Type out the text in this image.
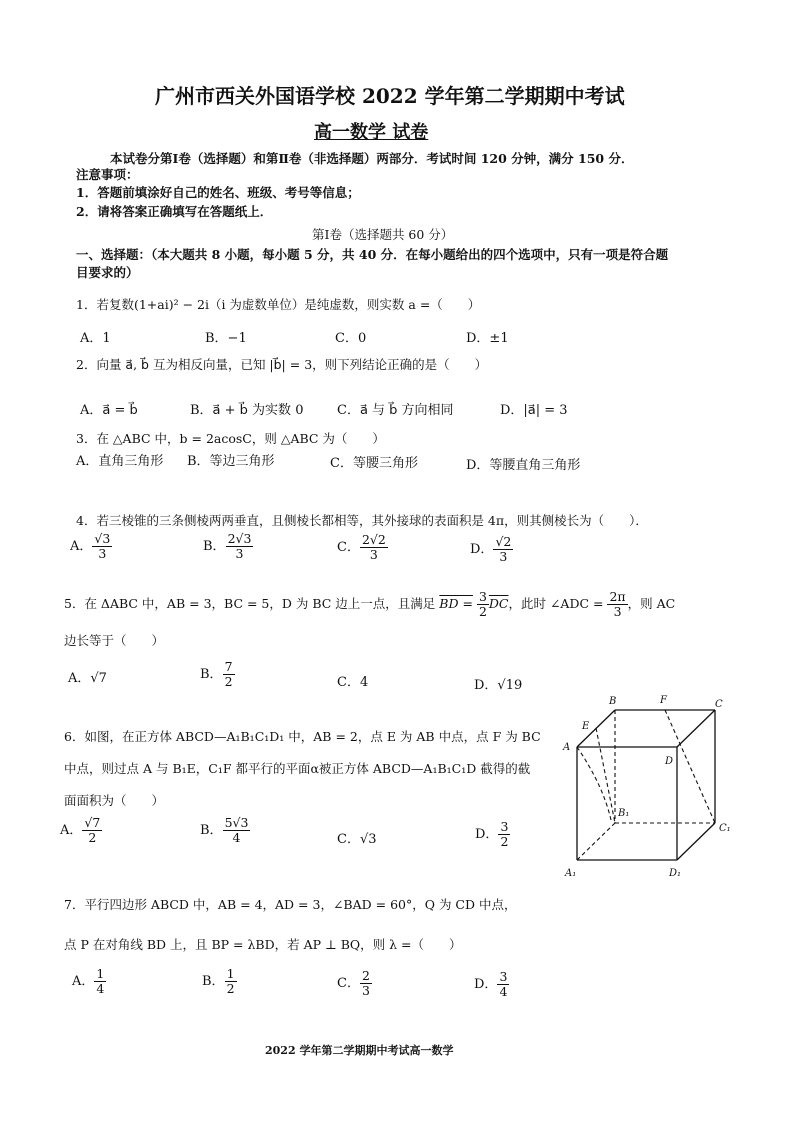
广州市西关外国语学校 2022 学年第二学期期中考试
高一数学 试卷
本试卷分第Ⅰ卷（选择题）和第Ⅱ卷（非选择题）两部分．考试时间 120 分钟，满分 150 分．
注意事项：
1．答题前填涂好自己的姓名、班级、考号等信息；
2．请将答案正确填写在答题纸上．
第Ⅰ卷（选择题共 60 分）
一、选择题：（本大题共 8 小题，每小题 5 分，共 40 分．在每小题给出的四个选项中，只有一项是符合题
目要求的）
1．若复数(1+ai)² − 2i（i 为虚数单位）是纯虚数，则实数 a =（　　）
A．1	B．−1	C．0	D．±1
2．向量 a⃗, b⃗ 互为相反向量，已知 |b⃗| = 3，则下列结论正确的是（　　）
A．a⃗ = b⃗	B．a⃗ + b⃗ 为实数 0	C．a⃗ 与 b⃗ 方向相同	D．|a⃗| = 3
3．在 △ABC 中，b = 2acosC，则 △ABC 为（　　）
A．直角三角形 B．等边三角形	C．等腰三角形	D．等腰直角三角形
4．若三棱锥的三条侧棱两两垂直，且侧棱长都相等，其外接球的表面积是 4π，则其侧棱长为（　　）．
A． $\frac{√3}{3}$	B． $\frac{2√3}{3}$	C． $\frac{2√2}{3}$	D． $\frac{√2}{3}$
5．在 ΔABC 中，AB = 3，BC = 5，D 为 BC 边上一点，且满足 BD = $\frac{3}{2} \overline{DC}$，此时 ∠ADC = $\frac{2\pi}{3}$ ，则 AC
边长等于（　　）
A．√7	B． $\frac{7}{2}$	C．4	D．√19
6．如图，在正方体 ABCD—A₁B₁C₁D₁ 中，AB = 2，点 E 为 AB 中点，点 F 为 BC
中点，则过点 A 与 B₁E，C₁F 都平行的平面α被正方体 ABCD—A₁B₁C₁D 截得的截
面面积为（　　）
A． $\frac{√7}{2}$	B． $\frac{5√3}{4}$	C．√3	D． $\frac{3}{2}$
A
B	C
D
E
F
A₁
B₁
C₁
D₁
7．平行四边形 ABCD 中，AB = 4，AD = 3，∠BAD = 60°，Q 为 CD 中点，
点 P 在对角线 BD 上，且 BP = λBD，若 AP ⊥ BQ，则 λ =（　　）
A． $\frac{1}{4}$	B． $\frac{1}{2}$	C． $\frac{2}{3}$	D． $\frac{3}{4}$
2022 学年第二学期期中考试高一数学
